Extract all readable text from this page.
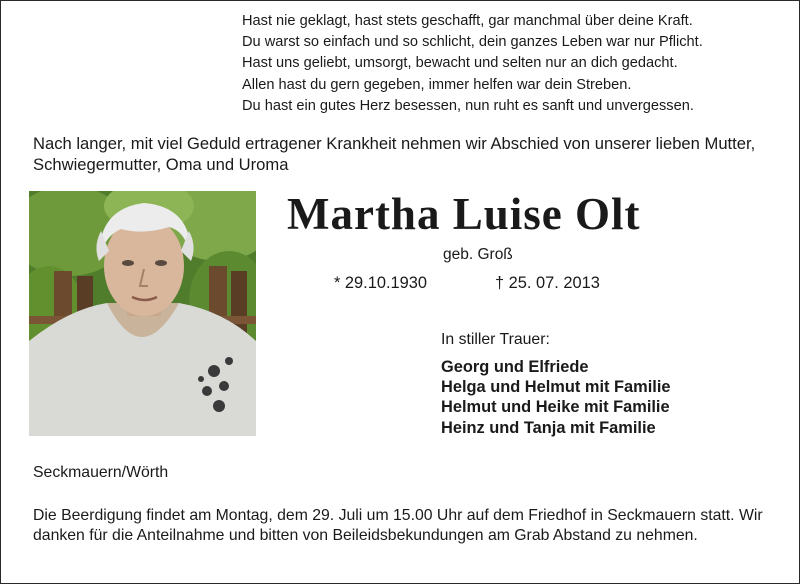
Hast nie geklagt, hast stets geschafft, gar manchmal über deine Kraft.
Du warst so einfach und so schlicht, dein ganzes Leben war nur Pflicht.
Hast uns geliebt, umsorgt, bewacht und selten nur an dich gedacht.
Allen hast du gern gegeben, immer helfen war dein Streben.
Du hast ein gutes Herz besessen, nun ruht es sanft und unvergessen.
Nach langer, mit viel Geduld ertragener Krankheit nehmen wir Abschied von unserer lieben Mutter, Schwiegermutter, Oma und Uroma
Martha Luise Olt
geb. Groß
* 29.10.1930	† 25. 07. 2013
In stiller Trauer:
Georg und Elfriede
Helga und Helmut mit Familie
Helmut und Heike mit Familie
Heinz und Tanja mit Familie
Seckmauern/Wörth
Die Beerdigung findet am Montag, dem 29. Juli um 15.00 Uhr auf dem Friedhof in Seckmauern statt. Wir danken für die Anteilnahme und bitten von Beileidsbekundungen am Grab Abstand zu nehmen.
